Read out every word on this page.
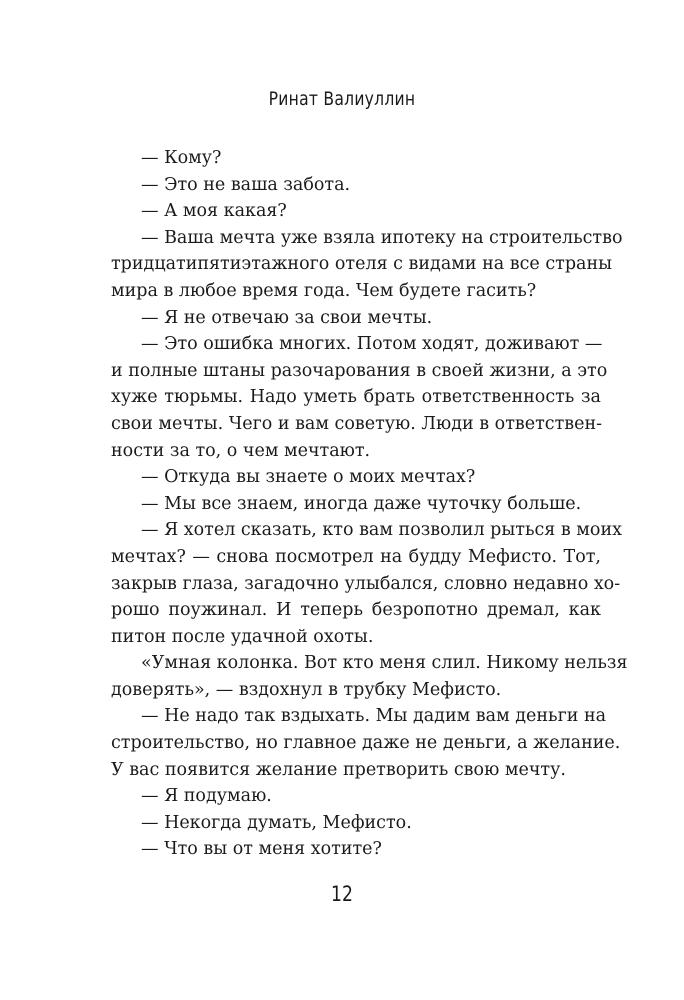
Ринат Валиуллин
— Кому?
— Это не ваша забота.
— А моя какая?
— Ваша мечта уже взяла ипотеку на строительство
тридцатипятиэтажного отеля с видами на все страны
мира в любое время года. Чем будете гасить?
— Я не отвечаю за свои мечты.
— Это ошибка многих. Потом ходят, доживают —
и полные штаны разочарования в своей жизни, а это
хуже тюрьмы. Надо уметь брать ответственность за
свои мечты. Чего и вам советую. Люди в ответствен-
ности за то, о чем мечтают.
— Откуда вы знаете о моих мечтах?
— Мы все знаем, иногда даже чуточку больше.
— Я хотел сказать, кто вам позволил рыться в моих
мечтах? — снова посмотрел на будду Мефисто. Тот,
закрыв глаза, загадочно улыбался, словно недавно хо-
рошо поужинал. И теперь безропотно дремал, как
питон после удачной охоты.
«Умная колонка. Вот кто меня слил. Никому нельзя
доверять», — вздохнул в трубку Мефисто.
— Не надо так вздыхать. Мы дадим вам деньги на
строительство, но главное даже не деньги, а желание.
У вас появится желание претворить свою мечту.
— Я подумаю.
— Некогда думать, Мефисто.
— Что вы от меня хотите?
12
